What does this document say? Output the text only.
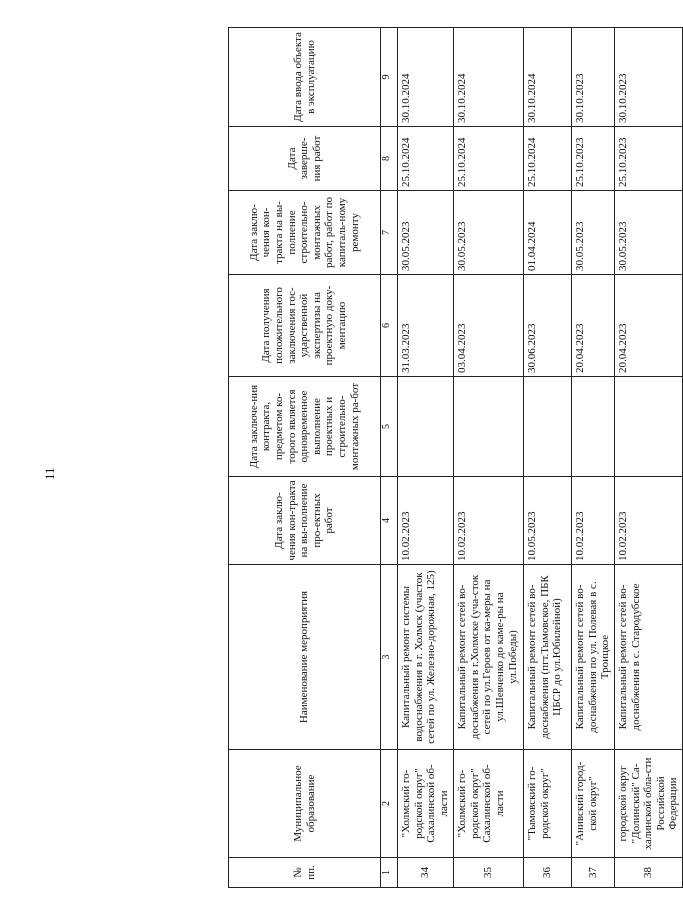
11
№ пп.	Муниципальное образование	Наименование мероприятия	Дата заклю-чения кон-тракта на вы-полнение про-ектных работ	Дата заключе-ния контракта, предметом ко-торого является одновременное выполнение проектных и строительно-монтажных ра-бот	Дата получения положительного заключения гос-ударственной экспертизы на проектную доку-ментацию	Дата заклю-чения кон-тракта на вы-полнение строительно-монтажных работ, работ по капиталь-ному ремонту	Дата заверше-ния работ	Дата ввода объекта в эксплуатацию
1	2	3	4	5	6	7	8	9
34	"Холмский го-родской округ" Сахалинской об-ласти	Капитальный ремонт системы водоснабжения в г. Холмск (участок сетей по ул. Железно-дорожная, 125)	10.02.2023		31.03.2023	30.05.2023	25.10.2024	30.10.2024
35	"Холмский го-родской округ" Сахалинской об-ласти	Капитальный ремонт сетей во-доснабжения в г.Холмске (уча-сток сетей по ул.Героев от ка-меры на ул.Шевченко до каме-ры на ул.Победы)	10.02.2023		03.04.2023	30.05.2023	25.10.2024	30.10.2024
36	"Тымовский го-родской округ"	Капитальный ремонт сетей во-доснабжения (пгт.Тымовское, ПБК ЦБСР до ул.Юбилейной)	10.05.2023		30.06.2023	01.04.2024	25.10.2024	30.10.2024
37	"Анивский город-ской округ"	Капитальный ремонт сетей во-доснабжения по ул. Полевая в с. Троицкое	10.02.2023		20.04.2023	30.05.2023	25.10.2023	30.10.2023
38	городской округ "Долинский" Са-халинской обла-сти Российской Федерации	Капитальный ремонт сетей во-доснабжения в с. Стародубское	10.02.2023		20.04.2023	30.05.2023	25.10.2023	30.10.2023
